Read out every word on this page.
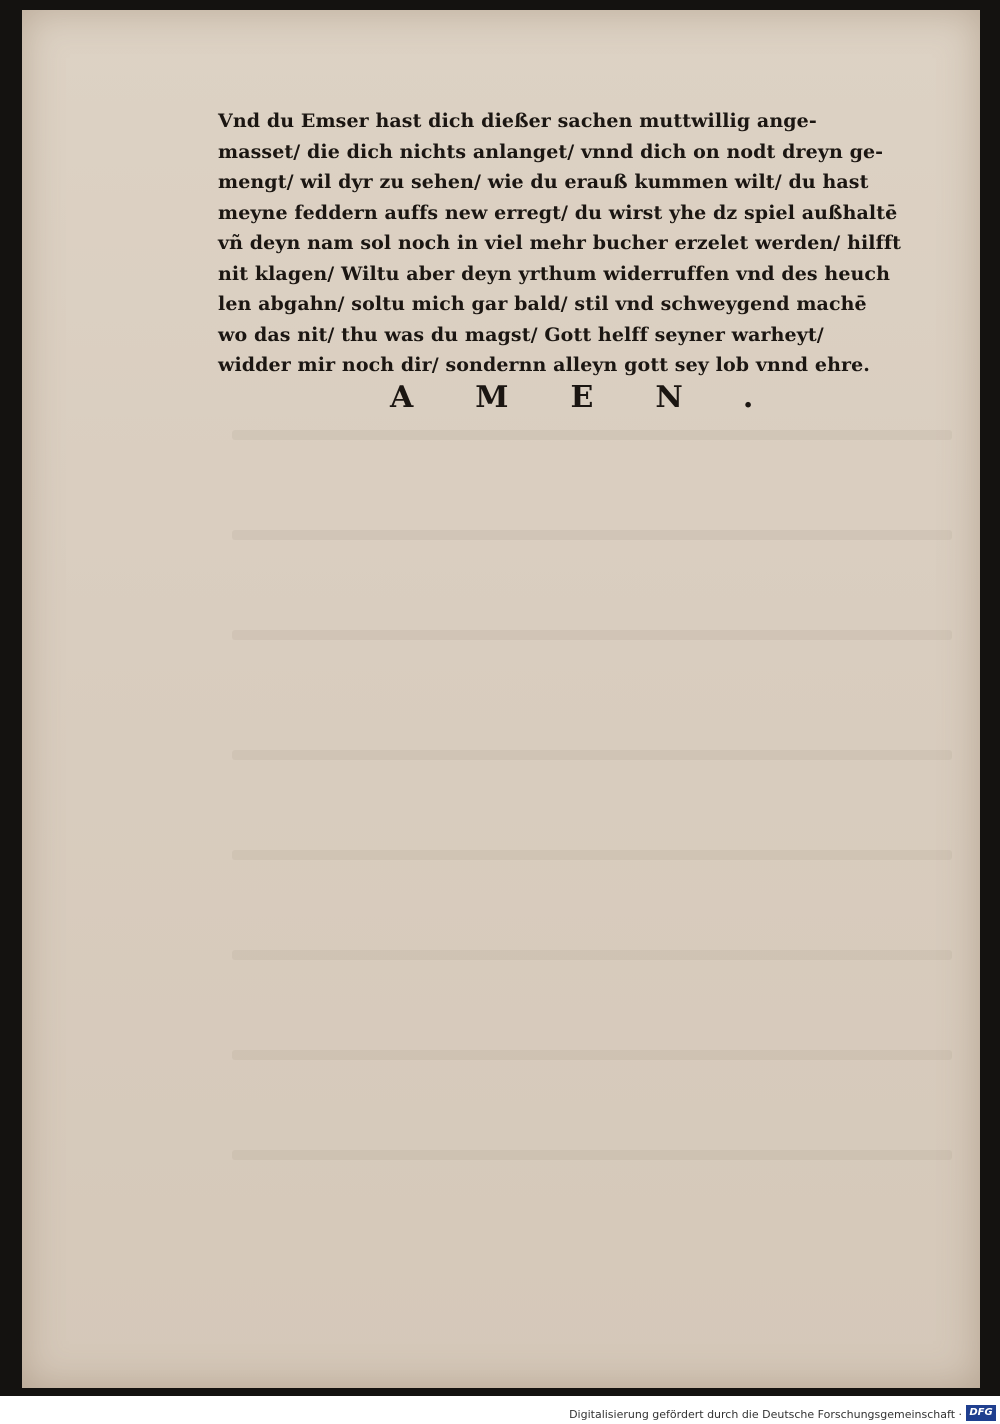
Vnd du Emser hast dich dießer sachen muttwillig ange-
masset/ die dich nichts anlanget/ vnnd dich on nodt dreyn ge-
mengt/ wil dyr zu sehen/ wie du erauß kummen wilt/ du hast
meyne feddern auffs new erregt/ du wirst yhe dz spiel außhaltē
vñ deyn nam sol noch in viel mehr bucher erzelet werden/ hilfft
nit klagen/ Wiltu aber deyn yrthum widerruffen vnd des heuch
len abgahn/ soltu mich gar bald/ stil vnd schweygend machē
wo das nit/ thu was du magst/ Gott helff seyner warheyt/
widder mir noch dir/ sondernn alleyn gott sey lob vnnd ehre.
AMEN.
Digitalisierung gefördert durch die Deutsche Forschungsgemeinschaft · DFG
